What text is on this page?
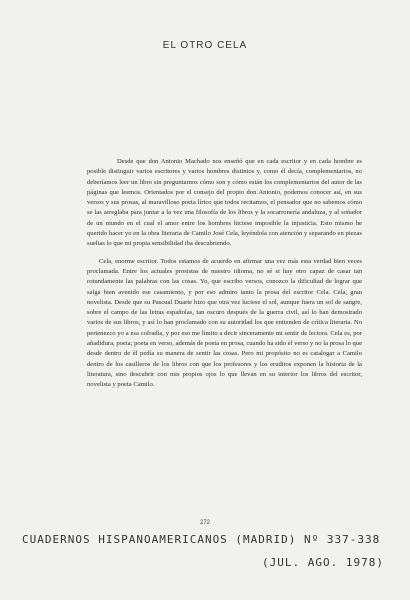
EL OTRO CELA

Desde que don Antonio Machado nos enseñó que en cada escritor y en cada hombre es posible distinguir varios escritores y varios hombres distintos y, como él decía, complementarios, no deberíamos leer un libro sin preguntarnos cómo son y cómo están los complementarios del autor de las páginas que leemos. Orientados por el consejo del propio don Antonio, podemos conocer así, en sus versos y sus prosas, al maravilloso poeta lírico que todos recitamos, el pensador que no sabemos cómo se las arreglaba para juntar a la vez una filosofía de los libros y la socarronería andaluza, y al soñador de un mundo en el cual el amor entre los hombres hiciese imposible la injusticia. Esto mismo he querido hacer yo en la obra literaria de Camilo José Cela, leyéndola con atención y separando en piezas sueltas lo que mi propia sensibilidad iba descubriendo.

Cela, enorme escritor. Todos estamos de acuerdo en afirmar una vez más esta verdad bien veces proclamada. Entre los actuales prosistas de nuestro idioma, no sé si hay otro capaz de casar tan rotundamente las palabras con las cosas. Yo, que escribo versos, conozco la dificultad de lograr que salga bien avenido ese casamiento, y por eso admiro tanto la prosa del escritor Cela. Cela, gran novelista. Desde que su Pascual Duarte hizo que otra vez luciese el sol, aunque fuera un sol de sangre, sobre el campo de las letras españolas, tan oscuro después de la guerra civil, así lo han demostrado varios de sus libros, y así lo han proclamado con su autoridad los que entienden de crítica literaria. No pertenezco yo a esa cofradía, y por eso me limito a decir sinceramente mi sentir de lectora. Cela es, por añadidura, poeta; poeta en verso, además de poeta en prosa, cuando ha sido el verso y no la prosa lo que desde dentro de él pedía su manera de sentir las cosas. Pero mi propósito no es catalogar a Camilo dentro de los casilleros de los libros con que los profesores y los eruditos exponen la historia de la literatura, sino descubrir con mis propios ojos lo que llevan en su interior los libros del escritor, novelista y poeta Camilo.

272
CUADERNOS HISPANOAMERICANOS (MADRID) Nº 337-338
(JUL. AGO. 1978)
